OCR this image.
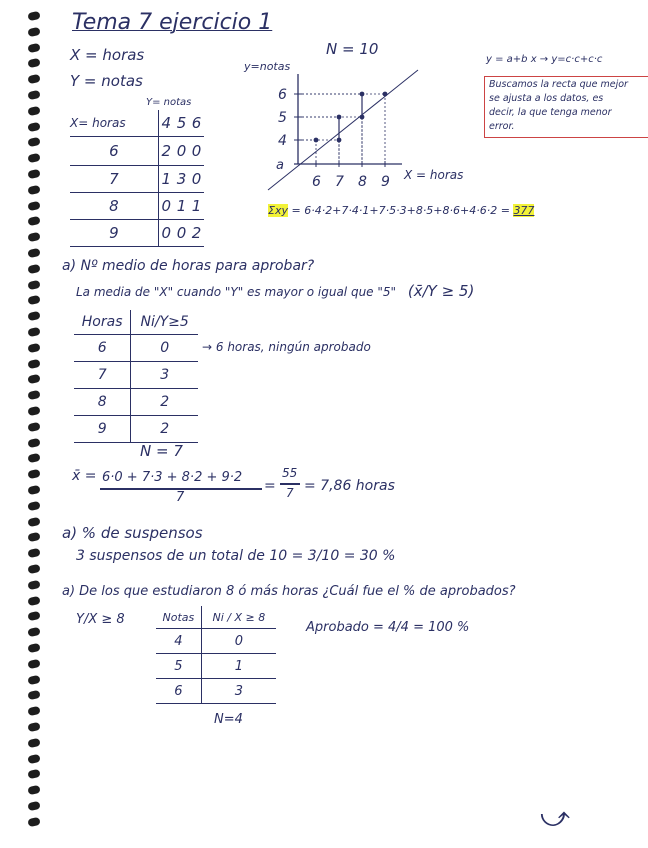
Tema 7 ejercicio 1
X = horas
Y = notas
N = 10
Y= notas
X= horas	4	5	6
6	2	0	0
7	1	3	0
8	0	1	1
9	0	0	2
y=notas
6 7 8 9
4
5
6
X = horas
a
y = a+b x → y=c·c+c·c
Buscamos la recta que mejor
se ajusta a los datos, es
decir, la que tenga menor
error.
Σxy = 6·4·2+7·4·1+7·5·3+8·5+8·6+4·6·2 = 377
a) Nº medio de horas para aprobar?
La media de "X" cuando "Y" es mayor o igual que "5" (x̄/Y ≥ 5)
Horas	Ni/Y≥5
6	0
7	3
8	2
9	2
→ 6 horas, ningún aprobado
N = 7
x̄ = 6·0 + 7·3 + 8·2 + 9·2
7
=
55
7 = 7,86 horas
a) % de suspensos
3 suspensos de un total de 10 = 3/10 = 30 %
a) De los que estudiaron 8 ó más horas ¿Cuál fue el % de aprobados?
Y/X ≥ 8	Notas	Ni / X ≥ 8
4	0
5	1
6	3
N=4
Aprobado = 4/4 = 100 %
⤻
